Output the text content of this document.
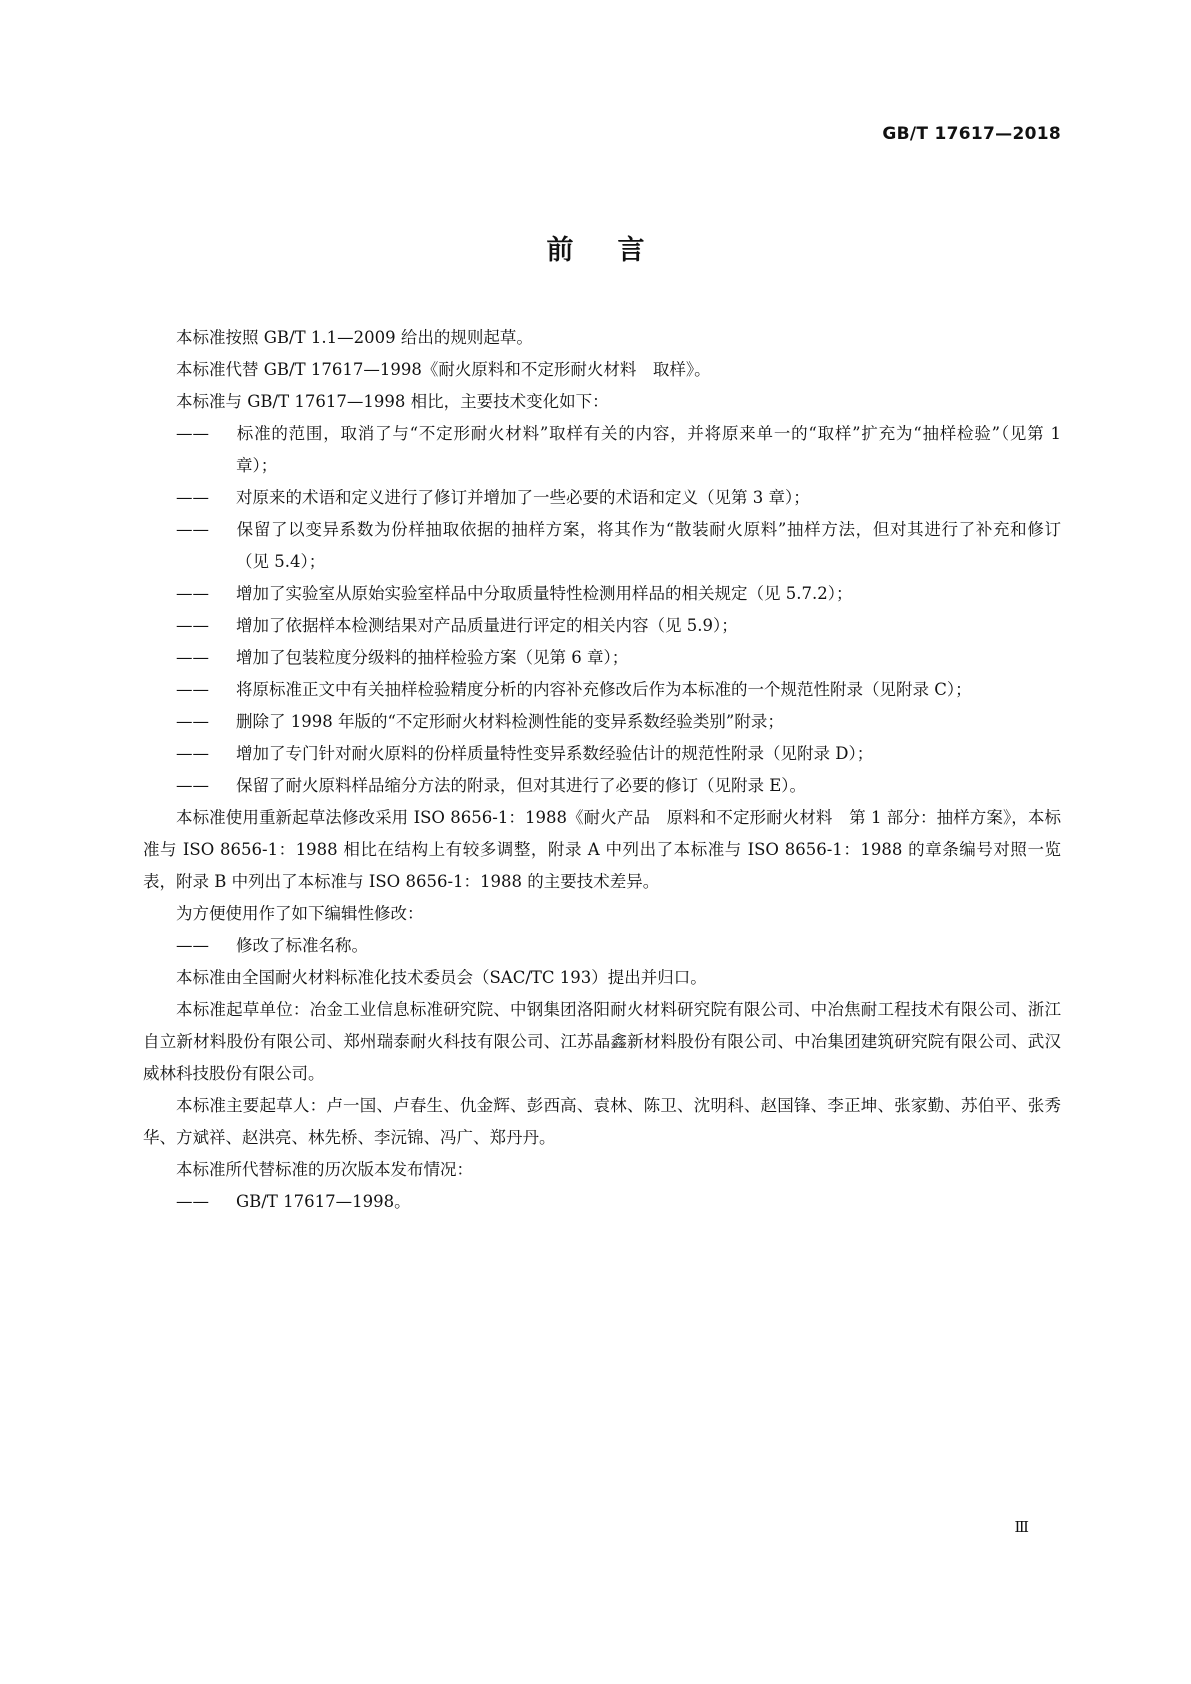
GB/T 17617—2018
前言

本标准按照 GB/T 1.1—2009 给出的规则起草。

本标准代替 GB/T 17617—1998《耐火原料和不定形耐火材料　取样》。

本标准与 GB/T 17617—1998 相比，主要技术变化如下：

—— 标准的范围，取消了与“不定形耐火材料”取样有关的内容，并将原来单一的“取样”扩充为“抽样检验”（见第 1 章）；

—— 对原来的术语和定义进行了修订并增加了一些必要的术语和定义（见第 3 章）；

—— 保留了以变异系数为份样抽取依据的抽样方案，将其作为“散装耐火原料”抽样方法，但对其进行了补充和修订（见 5.4）；

—— 增加了实验室从原始实验室样品中分取质量特性检测用样品的相关规定（见 5.7.2）；

—— 增加了依据样本检测结果对产品质量进行评定的相关内容（见 5.9）；

—— 增加了包装粒度分级料的抽样检验方案（见第 6 章）；

—— 将原标准正文中有关抽样检验精度分析的内容补充修改后作为本标准的一个规范性附录（见附录 C）；

—— 删除了 1998 年版的“不定形耐火材料检测性能的变异系数经验类别”附录；

—— 增加了专门针对耐火原料的份样质量特性变异系数经验估计的规范性附录（见附录 D）；

—— 保留了耐火原料样品缩分方法的附录，但对其进行了必要的修订（见附录 E）。

本标准使用重新起草法修改采用 ISO 8656-1：1988《耐火产品　原料和不定形耐火材料　第 1 部分：抽样方案》，本标准与 ISO 8656-1：1988 相比在结构上有较多调整，附录 A 中列出了本标准与 ISO 8656-1：1988 的章条编号对照一览表，附录 B 中列出了本标准与 ISO 8656-1：1988 的主要技术差异。

为方便使用作了如下编辑性修改：

—— 修改了标准名称。

本标准由全国耐火材料标准化技术委员会（SAC/TC 193）提出并归口。

本标准起草单位：冶金工业信息标准研究院、中钢集团洛阳耐火材料研究院有限公司、中冶焦耐工程技术有限公司、浙江自立新材料股份有限公司、郑州瑞泰耐火科技有限公司、江苏晶鑫新材料股份有限公司、中冶集团建筑研究院有限公司、武汉威林科技股份有限公司。

本标准主要起草人：卢一国、卢春生、仇金辉、彭西高、袁林、陈卫、沈明科、赵国锋、李正坤、张家勤、苏伯平、张秀华、方斌祥、赵洪亮、林先桥、李沅锦、冯广、郑丹丹。

本标准所代替标准的历次版本发布情况：

—— GB/T 17617—1998。

Ⅲ
